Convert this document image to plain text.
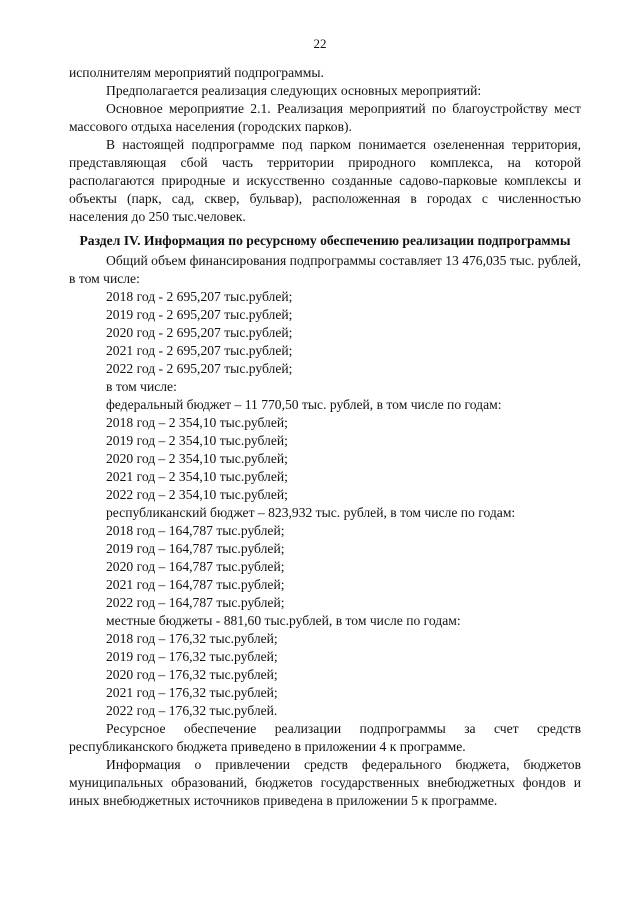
22

исполнителям мероприятий подпрограммы.

Предполагается реализация следующих основных мероприятий:

Основное мероприятие 2.1. Реализация мероприятий по благоустройству мест массового отдыха населения (городских парков).

В настоящей подпрограмме под парком понимается озелененная территория, представляющая сбой часть территории природного комплекса, на которой располагаются природные и искусственно созданные садово-парковые комплексы и объекты (парк, сад, сквер, бульвар), расположенная в городах с численностью населения до 250 тыс.человек.

Раздел IV. Информация по ресурсному обеспечению реализации подпрограммы

Общий объем финансирования подпрограммы составляет 13 476,035 тыс. рублей, в том числе:

2018 год - 2 695,207 тыс.рублей;

2019 год - 2 695,207 тыс.рублей;

2020 год - 2 695,207 тыс.рублей;

2021 год - 2 695,207 тыс.рублей;

2022 год - 2 695,207 тыс.рублей;

в том числе:

федеральный бюджет – 11 770,50 тыс. рублей, в том числе по годам:

2018 год – 2 354,10 тыс.рублей;

2019 год – 2 354,10 тыс.рублей;

2020 год – 2 354,10 тыс.рублей;

2021 год – 2 354,10 тыс.рублей;

2022 год – 2 354,10 тыс.рублей;

республиканский бюджет – 823,932 тыс. рублей, в том числе по годам:

2018 год – 164,787 тыс.рублей;

2019 год – 164,787 тыс.рублей;

2020 год – 164,787 тыс.рублей;

2021 год – 164,787 тыс.рублей;

2022 год – 164,787 тыс.рублей;

местные бюджеты - 881,60 тыс.рублей, в том числе по годам:

2018 год – 176,32 тыс.рублей;

2019 год – 176,32 тыс.рублей;

2020 год – 176,32 тыс.рублей;

2021 год – 176,32 тыс.рублей;

2022 год – 176,32 тыс.рублей.

Ресурсное обеспечение реализации подпрограммы за счет средств республиканского бюджета приведено в приложении 4 к программе.

Информация о привлечении средств федерального бюджета, бюджетов муниципальных образований, бюджетов государственных внебюджетных фондов и иных внебюджетных источников приведена в приложении 5 к программе.
